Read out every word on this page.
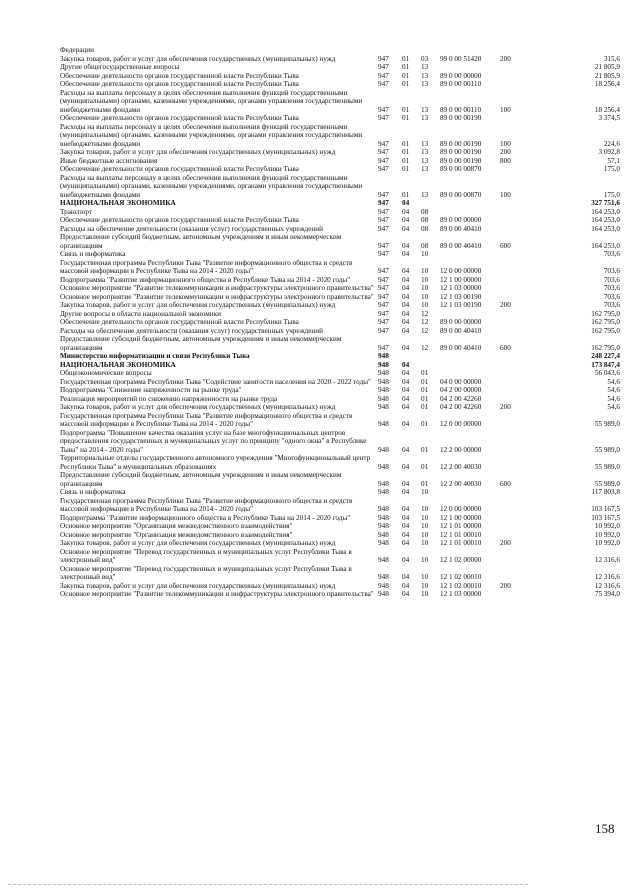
Федерации
Закупка товаров, работ и услуг для обеспечения государственных (муниципальных) нужд	947	01	03	99 0 00 51420	200	315,6
Другие общегосударственные вопросы	947	01	13	21 805,9
Обеспечение деятельности органов государственной власти Республики Тыва	947	01	13	89 0 00 00000	21 805,9
Обеспечение деятельности органов государственной власти Республики Тыва	947	01	13	89 0 00 00110	18 256,4
Расходы на выплаты персоналу в целях обеспечения выполнения функций государственными (муниципальными) органами, казенными учреждениями, органами управления государственными внебюджетными фондами	947	01	13	89 0 00 00110	100	18 256,4
Обеспечение деятельности органов государственной власти Республики Тыва	947	01	13	89 0 00 00190	3 374,5
Расходы на выплаты персоналу в целях обеспечения выполнения функций государственными (муниципальными) органами, казенными учреждениями, органами управления государственными внебюджетными фондами	947	01	13	89 0 00 00190	100	224,6
Закупка товаров, работ и услуг для обеспечения государственных (муниципальных) нужд	947	01	13	89 0 00 00190	200	3 092,8
Иные бюджетные ассигнования	947	01	13	89 0 00 00190	800	57,1
Обеспечение деятельности органов государственной власти Республики Тыва	947	01	13	89 0 00 00870	175,0
Расходы на выплаты персоналу в целях обеспечения выполнения функций государственными (муниципальными) органами, казенными учреждениями, органами управления государственными внебюджетными фондами	947	01	13	89 0 00 00870	100	175,0
НАЦИОНАЛЬНАЯ ЭКОНОМИКА	947	04	327 751,6
Транспорт	947	04	08	164 253,0
Обеспечение деятельности органов государственной власти Республики Тыва	947	04	08	89 0 00 00000	164 253,0
Расходы на обеспечение деятельности (оказания услуг) государственных учреждений	947	04	08	89 0 00 40410	164 253,0
Предоставление субсидий бюджетным, автономным учреждениям и иным некоммерческим организациям	947	04	08	89 0 00 40410	600	164 253,0
Связь и информатика	947	04	10	703,6
Государственная программа Республики Тыва "Развитие информационного общества и средств массовой информации в Республике Тыва на 2014 - 2020 годы"	947	04	10	12 0 00 00000	703,6
Подпрограмма "Развитие информационного общества в Республике Тыва на 2014 - 2020 годы"	947	04	10	12 1 00 00000	703,6
Основное мероприятие "Развитие телекоммуникации и инфраструктуры электронного правительства" 947	04	10	12 1 03 00000	703,6
Основное мероприятие "Развитие телекоммуникации и инфраструктуры электронного правительства" 947	04	10	12 1 03 00190	703,6
Закупка товаров, работ и услуг для обеспечения государственных (муниципальных) нужд	947	04	10	12 1 03 00190	200	703,6
Другие вопросы в области национальной экономики	947	04	12	162 795,0
Обеспечение деятельности органов государственной власти Республики Тыва	947	04	12	89 0 00 00000	162 795,0
Расходы на обеспечение деятельности (оказания услуг) государственных учреждений	947	04	12	89 0 00 40410	162 795,0
Предоставление субсидий бюджетным, автономным учреждениям и иным некоммерческим организациям	947	04	12	89 0 00 40410	600	162 795,0
Министерство информатизации и связи Республики Тыва	948	248 227,4
НАЦИОНАЛЬНАЯ ЭКОНОМИКА	948	04	173 847,4
Общеэкономические вопросы	948	04	01	56 043,6
Государственная программа Республики Тыва "Содействие занятости населения на 2020 - 2022 годы" 948	04	01	04 0 00 00000	54,6
Подпрограмма "Снижение напряженности на рынке труда"	948	04	01	04 2 00 00000	54,6
Реализация мероприятий по снижению напряженности на рынке труда	948	04	01	04 2 00 42260	54,6
Закупка товаров, работ и услуг для обеспечения государственных (муниципальных) нужд	948	04	01	04 2 00 42260	200	54,6
Государственная программа Республики Тыва "Развитие информационного общества и средств массовой информации в Республике Тыва на 2014 - 2020 годы"	948	04	01	12 0 00 00000	55 989,0
Подпрограмма "Повышение качества оказания услуг на базе многофункциональных центров предоставления государственных и муниципальных услуг по принципу "одного окна" в Республике Тыва" на 2014 - 2020 годы"	948	04	01	12 2 00 00000	55 989,0
Территориальные отделы государственного автономного учреждения "Многофункциональный центр Республики Тыва" в муниципальных образованиях	948	04	01	12 2 00 40030	55 989,0
Предоставление субсидий бюджетным, автономным учреждениям и иным некоммерческим организациям	948	04	01	12 2 00 40030	600	55 989,0
Связь и информатика	948	04	10	117 803,8
Государственная программа Республики Тыва "Развитие информационного общества и средств массовой информации в Республике Тыва на 2014 - 2020 годы"	948	04	10	12 0 00 00000	103 167,5
Подпрограмма "Развитие информационного общества в Республике Тыва на 2014 - 2020 годы"	948	04	10	12 1 00 00000	103 167,5
Основное мероприятие "Организация межведомственного взаимодействия"	948	04	10	12 1 01 00000	10 992,0
Основное мероприятие "Организация межведомственного взаимодействия"	948	04	10	12 1 01 00010	10 992,0
Закупка товаров, работ и услуг для обеспечения государственных (муниципальных) нужд	948	04	10	12 1 01 00010	200	10 992,0
Основное мероприятие "Перевод государственных и муниципальных услуг Республики Тыва в электронный вид"	948	04	10	12 1 02 00000	12 316,6
Основное мероприятие "Перевод государственных и муниципальных услуг Республики Тыва в электронный вид"	948	04	10	12 1 02 00010	12 316,6
Закупка товаров, работ и услуг для обеспечения государственных (муниципальных) нужд	948	04	10	12 1 02 00010	200	12 316,6
Основное мероприятие "Развитие телекоммуникации и инфраструктуры электронного правительства" 948	04	10	12 1 03 00000	75 394,0
158
